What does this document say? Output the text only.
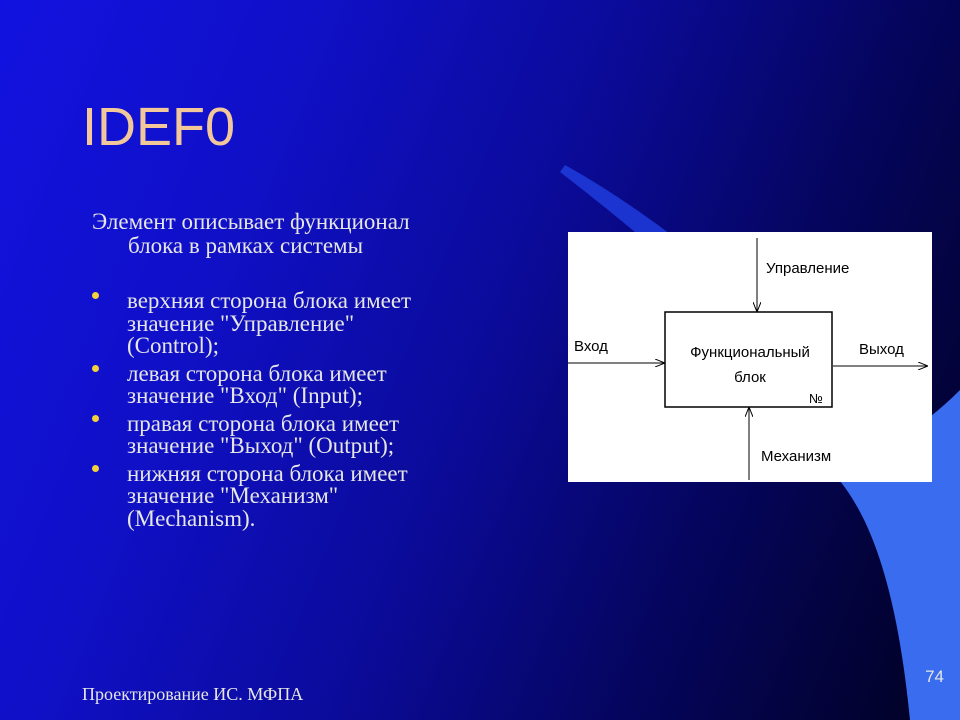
IDEF0
Элемент описывает функционал
блока в рамках системы
верхняя сторона блока имеет
значение "Управление"
(Control);
левая сторона блока имеет
значение "Вход" (Input);
правая сторона блока имеет
значение "Выход" (Output);
нижняя сторона блока имеет
значение "Механизм"
(Mechanism).
Управление
Вход	Выход
Механизм
Функциональный
блок
№
Проектирование ИС. МФПА
74
